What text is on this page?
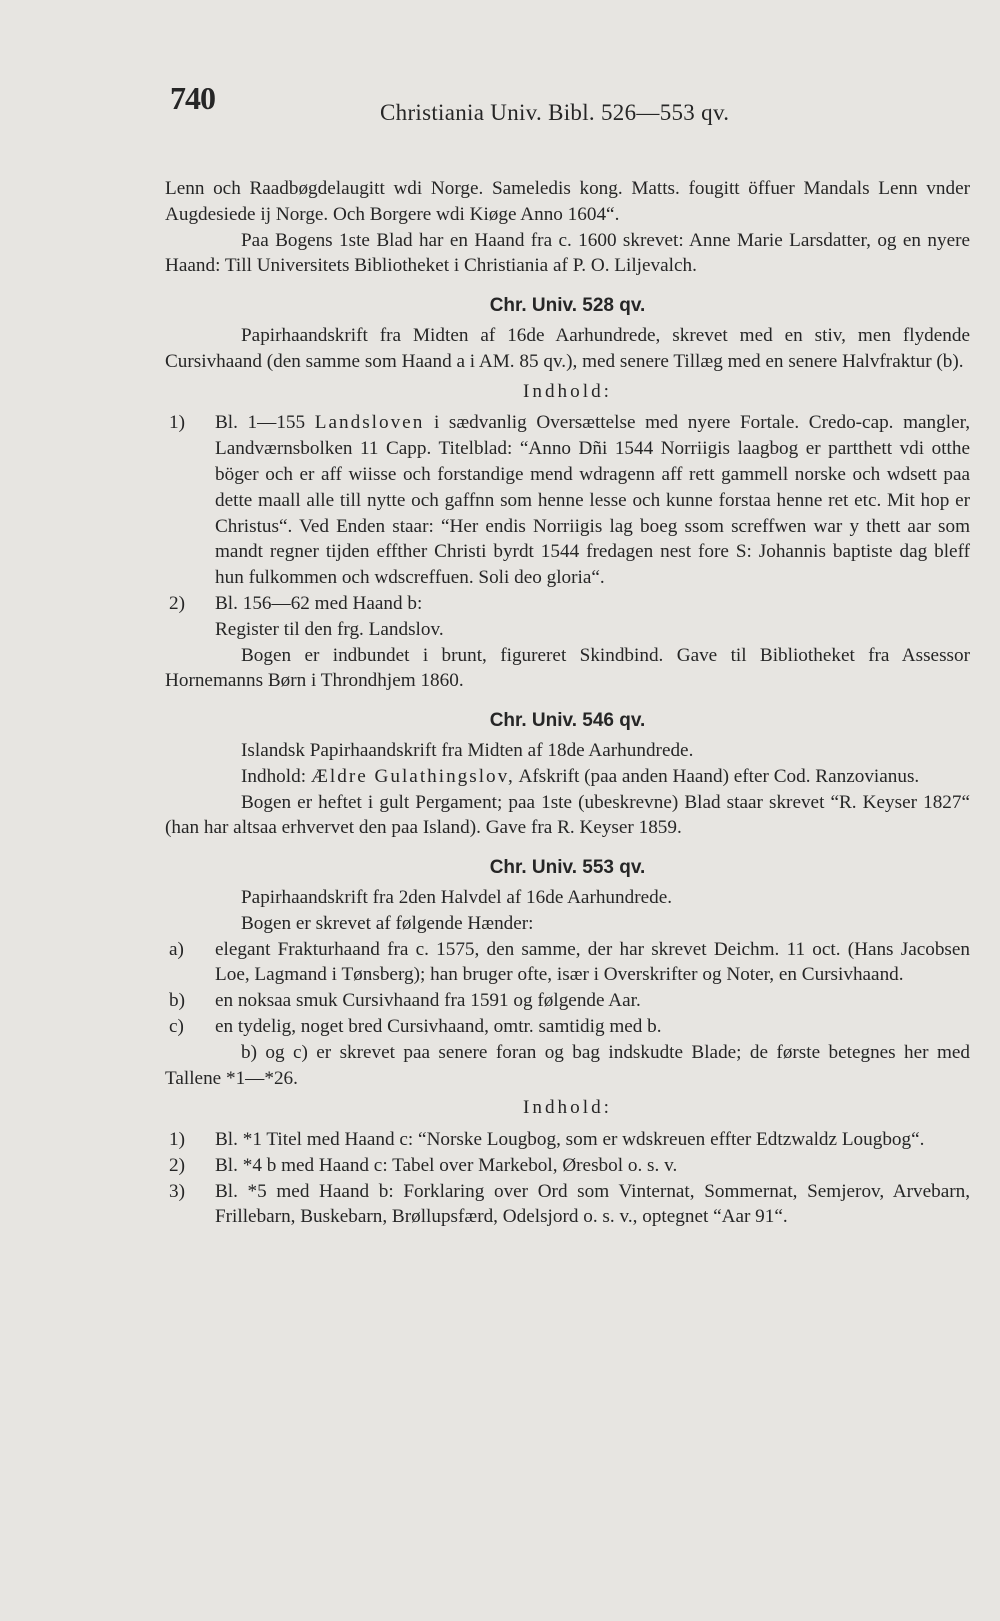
740	Christiania Univ. Bibl. 526—553 qv.

Lenn och Raadbøgdelaugitt wdi Norge. Sameledis kong. Matts. fougitt öffuer Mandals Lenn vnder Augdesiede ij Norge. Och Borgere wdi Kiøge Anno 1604“.

Paa Bogens 1ste Blad har en Haand fra c. 1600 skrevet: Anne Marie Larsdatter, og en nyere Haand: Till Universitets Bibliotheket i Christiania af P. O. Liljevalch.

Chr. Univ. 528 qv.

Papirhaandskrift fra Midten af 16de Aarhundrede, skrevet med en stiv, men flydende Cursivhaand (den samme som Haand a i AM. 85 qv.), med senere Tillæg med en senere Halvfraktur (b).

Indhold:
1) Bl. 1—155 Landsloven i sædvanlig Oversættelse med nyere Fortale. Credo-cap. mangler, Landværnsbolken 11 Capp. Titelblad: “Anno Dñi 1544 Norriigis laagbog er partthett vdi otthe böger och er aff wiisse och forstandige mend wdragenn aff rett gammell norske och wdsett paa dette maall alle till nytte och gaffnn som henne lesse och kunne forstaa henne ret etc. Mit hop er Christus“. Ved Enden staar: “Her endis Norriigis lag boeg ssom screffwen war y thett aar som mandt regner tijden effther Christi byrdt 1544 fredagen nest fore S: Johannis baptiste dag bleff hun fulkommen och wdscreffuen. Soli deo gloria“.
2) Bl. 156—62 med Haand b:

Register til den frg. Landslov.

Bogen er indbundet i brunt, figureret Skindbind. Gave til Bibliotheket fra Assessor Hornemanns Børn i Throndhjem 1860.

Chr. Univ. 546 qv.

Islandsk Papirhaandskrift fra Midten af 18de Aarhundrede.

Indhold: Ældre Gulathingslov, Afskrift (paa anden Haand) efter Cod. Ranzovianus.

Bogen er heftet i gult Pergament; paa 1ste (ubeskrevne) Blad staar skrevet “R. Keyser 1827“ (han har altsaa erhvervet den paa Island). Gave fra R. Keyser 1859.

Chr. Univ. 553 qv.

Papirhaandskrift fra 2den Halvdel af 16de Aarhundrede.

Bogen er skrevet af følgende Hænder:

a) elegant Frakturhaand fra c. 1575, den samme, der har skrevet Deichm. 11 oct. (Hans Jacobsen Loe, Lagmand i Tønsberg); han bruger ofte, især i Overskrifter og Noter, en Cursivhaand.
b) en noksaa smuk Cursivhaand fra 1591 og følgende Aar.
c) en tydelig, noget bred Cursivhaand, omtr. samtidig med b.

b) og c) er skrevet paa senere foran og bag indskudte Blade; de første betegnes her med Tallene *1—*26.

Indhold:
1) Bl. *1 Titel med Haand c: “Norske Lougbog, som er wdskreuen effter Edtzwaldz Lougbog“.
2) Bl. *4 b med Haand c: Tabel over Markebol, Øresbol o. s. v.
3) Bl. *5 med Haand b: Forklaring over Ord som Vinternat, Sommernat, Semjerov, Arvebarn, Frillebarn, Buskebarn, Brøllupsfærd, Odelsjord o. s. v., optegnet “Aar 91“.
